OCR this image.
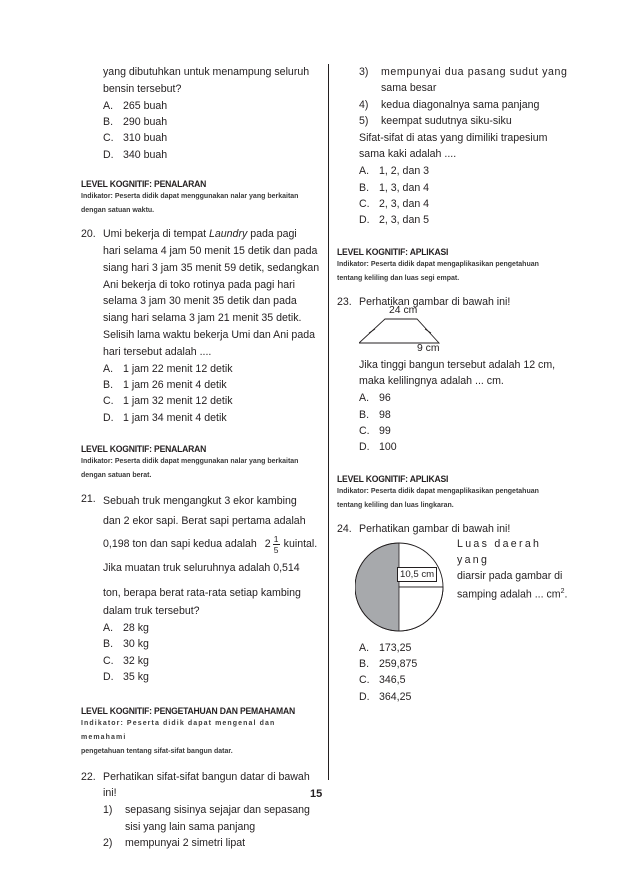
yang dibutuhkan untuk menampung seluruh
bensin tersebut?
A. 265 buah
B. 290 buah
C. 310 buah
D. 340 buah
LEVEL KOGNITIF: PENALARAN
Indikator: Peserta didik dapat menggunakan nalar yang berkaitan
dengan satuan waktu.
20. Umi bekerja di tempat Laundry pada pagi
hari selama 4 jam 50 menit 15 detik dan pada
siang hari 3 jam 35 menit 59 detik, sedangkan
Ani bekerja di toko rotinya pada pagi hari
selama 3 jam 30 menit 35 detik dan pada
siang hari selama 3 jam 21 menit 35 detik.
Selisih lama waktu bekerja Umi dan Ani pada
hari tersebut adalah ....
A. 1 jam 22 menit 12 detik
B. 1 jam 26 menit 4 detik
C. 1 jam 32 menit 12 detik
D. 1 jam 34 menit 4 detik
LEVEL KOGNITIF: PENALARAN
Indikator: Peserta didik dapat menggunakan nalar yang berkaitan
dengan satuan berat.
21. Sebuah truk mengangkut 3 ekor kambing
dan 2 ekor sapi. Berat sapi pertama adalah
0,198 ton dan sapi kedua adalah 2 1
5 kuintal.
Jika muatan truk seluruhnya adalah 0,514
ton, berapa berat rata-rata setiap kambing
dalam truk tersebut?
A. 28 kg
B. 30 kg
C. 32 kg
D. 35 kg
LEVEL KOGNITIF: PENGETAHUAN DAN PEMAHAMAN
Indikator: Peserta didik dapat mengenal dan memahami
pengetahuan tentang sifat-sifat bangun datar.
22. Perhatikan sifat-sifat bangun datar di bawah
ini!
1)	sepasang sisinya sejajar dan sepasang
sisi yang lain sama panjang
2)	mempunyai 2 simetri lipat
3)	mempunyai dua pasang sudut yang
sama besar
4)	kedua diagonalnya sama panjang
5)	keempat sudutnya siku-siku
Sifat-sifat di atas yang dimiliki trapesium
sama kaki adalah ....
A. 1, 2, dan 3
B. 1, 3, dan 4
C. 2, 3, dan 4
D. 2, 3, dan 5
LEVEL KOGNITIF: APLIKASI
Indikator: Peserta didik dapat mengaplikasikan pengetahuan
tentang keliling dan luas segi empat.
23. Perhatikan gambar di bawah ini!
24 cm
9 cm
Jika tinggi bangun tersebut adalah 12 cm,
maka kelilingnya adalah ... cm.
A. 96
B. 98
C. 99
D. 100
LEVEL KOGNITIF: APLIKASI
Indikator: Peserta didik dapat mengaplikasikan pengetahuan
tentang keliling dan luas lingkaran.
24. Perhatikan gambar di bawah ini!
10,5 cm
Luas daerah yang
diarsir pada gambar di
samping adalah ... $cm^2$.
A. 173,25
B. 259,875
C. 346,5
D. 364,25
15
